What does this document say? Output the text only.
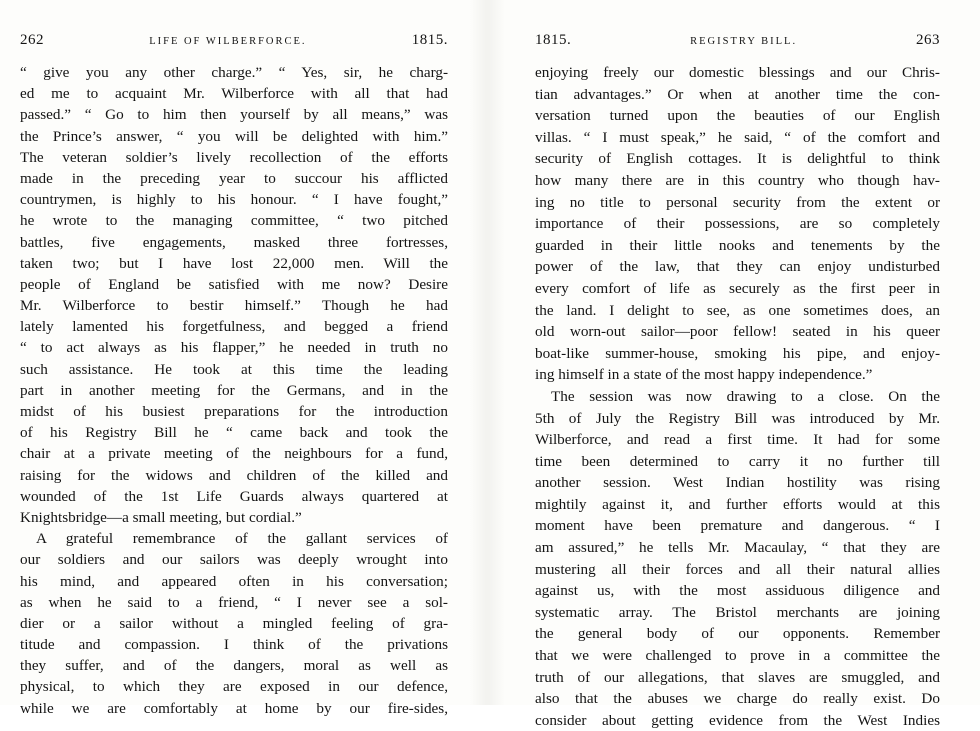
262	LIFE OF WILBERFORCE.	1815.
“ give you any other charge.” “ Yes, sir, he charg-
ed me to acquaint Mr. Wilberforce with all that had
passed.” “ Go to him then yourself by all means,” was
the Prince’s answer, “ you will be delighted with him.”
The veteran soldier’s lively recollection of the efforts
made in the preceding year to succour his afflicted
countrymen, is highly to his honour. “ I have fought,”
he wrote to the managing committee, “ two pitched
battles, five engagements, masked three fortresses,
taken two; but I have lost 22,000 men. Will the
people of England be satisfied with me now? Desire
Mr. Wilberforce to bestir himself.” Though he had
lately lamented his forgetfulness, and begged a friend
“ to act always as his flapper,” he needed in truth no
such assistance. He took at this time the leading
part in another meeting for the Germans, and in the
midst of his busiest preparations for the introduction
of his Registry Bill he “ came back and took the
chair at a private meeting of the neighbours for a fund,
raising for the widows and children of the killed and
wounded of the 1st Life Guards always quartered at
Knightsbridge—a small meeting, but cordial.”
A grateful remembrance of the gallant services of
our soldiers and our sailors was deeply wrought into
his mind, and appeared often in his conversation;
as when he said to a friend, “ I never see a sol-
dier or a sailor without a mingled feeling of gra-
titude and compassion. I think of the privations
they suffer, and of the dangers, moral as well as
physical, to which they are exposed in our defence,
while we are comfortably at home by our fire-sides,
1815.	REGISTRY BILL.	263
enjoying freely our domestic blessings and our Chris-
tian advantages.” Or when at another time the con-
versation turned upon the beauties of our English
villas. “ I must speak,” he said, “ of the comfort and
security of English cottages. It is delightful to think
how many there are in this country who though hav-
ing no title to personal security from the extent or
importance of their possessions, are so completely
guarded in their little nooks and tenements by the
power of the law, that they can enjoy undisturbed
every comfort of life as securely as the first peer in
the land. I delight to see, as one sometimes does, an
old worn-out sailor—poor fellow! seated in his queer
boat-like summer-house, smoking his pipe, and enjoy-
ing himself in a state of the most happy independence.”
The session was now drawing to a close. On the
5th of July the Registry Bill was introduced by Mr.
Wilberforce, and read a first time. It had for some
time been determined to carry it no further till
another session. West Indian hostility was rising
mightily against it, and further efforts would at this
moment have been premature and dangerous. “ I
am assured,” he tells Mr. Macaulay, “ that they are
mustering all their forces and all their natural allies
against us, with the most assiduous diligence and
systematic array. The Bristol merchants are joining
the general body of our opponents. Remember
that we were challenged to prove in a committee the
truth of our allegations, that slaves are smuggled, and
also that the abuses we charge do really exist. Do
consider about getting evidence from the West Indies
